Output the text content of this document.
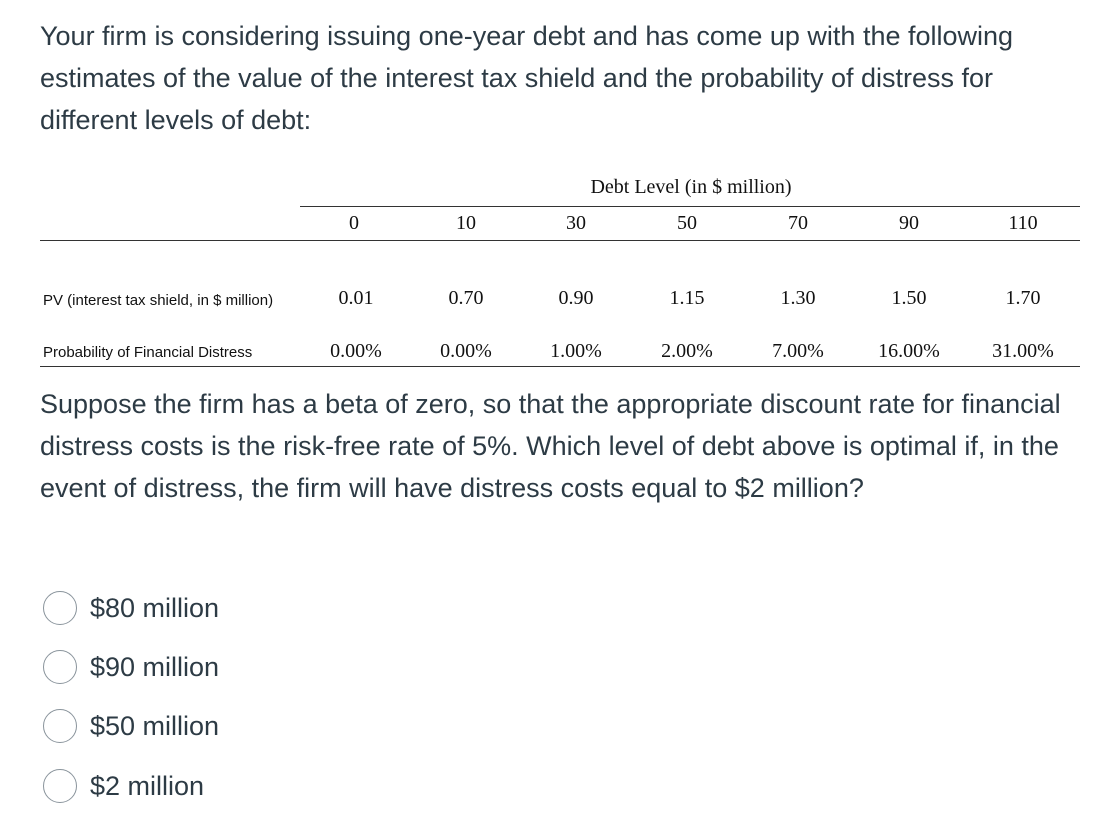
Your firm is considering issuing one-year debt and has come up with the following estimates of the value of the interest tax shield and the probability of distress for different levels of debt:

Debt Level (in $ million)
0	10	30	50	70	90	110
PV (interest tax shield, in $ million)	0.01	0.70	0.90	1.15	1.30	1.50	1.70
Probability of Financial Distress	0.00%	0.00%	1.00%	2.00%	7.00%	16.00%	31.00%

Suppose the firm has a beta of zero, so that the appropriate discount rate for financial distress costs is the risk-free rate of 5%. Which level of debt above is optimal if, in the event of distress, the firm will have distress costs equal to $2 million?

$80 million
$90 million
$50 million
$2 million
